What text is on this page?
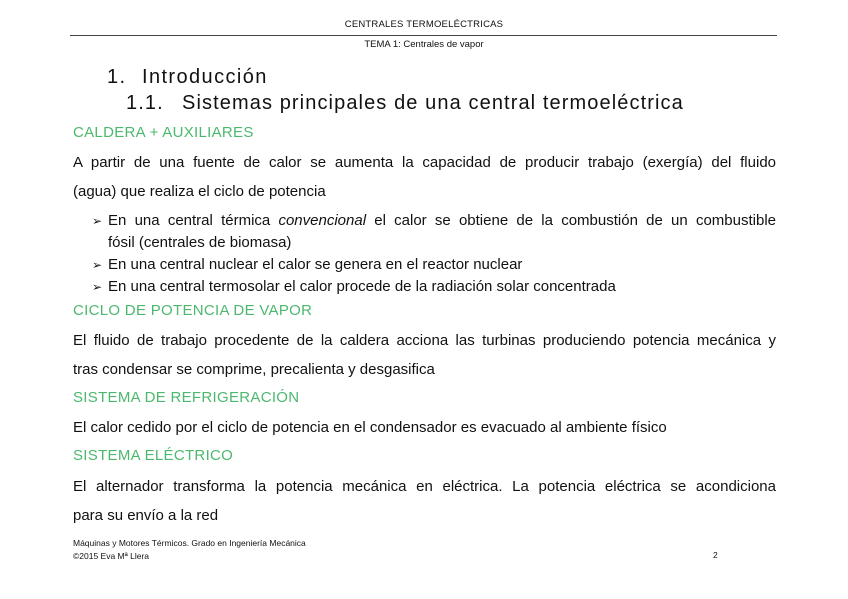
CENTRALES TERMOELÉCTRICAS
TEMA 1: Centrales de vapor
1. Introducción
1.1. Sistemas principales de una central termoeléctrica
CALDERA + AUXILIARES
A partir de una fuente de calor se aumenta la capacidad de producir trabajo (exergía) del fluido
(agua) que realiza el ciclo de potencia
➢ En una central térmica convencional el calor se obtiene de la combustión de un combustible
fósil (centrales de biomasa)
➢ En una central nuclear el calor se genera en el reactor nuclear
➢ En una central termosolar el calor procede de la radiación solar concentrada
CICLO DE POTENCIA DE VAPOR
El fluido de trabajo procedente de la caldera acciona las turbinas produciendo potencia mecánica y
tras condensar se comprime, precalienta y desgasifica
SISTEMA DE REFRIGERACIÓN
El calor cedido por el ciclo de potencia en el condensador es evacuado al ambiente físico
SISTEMA ELÉCTRICO
El alternador transforma la potencia mecánica en eléctrica. La potencia eléctrica se acondiciona
para su envío a la red
Máquinas y Motores Térmicos. Grado en Ingeniería Mecánica
©2015 Eva Mª Llera	2
